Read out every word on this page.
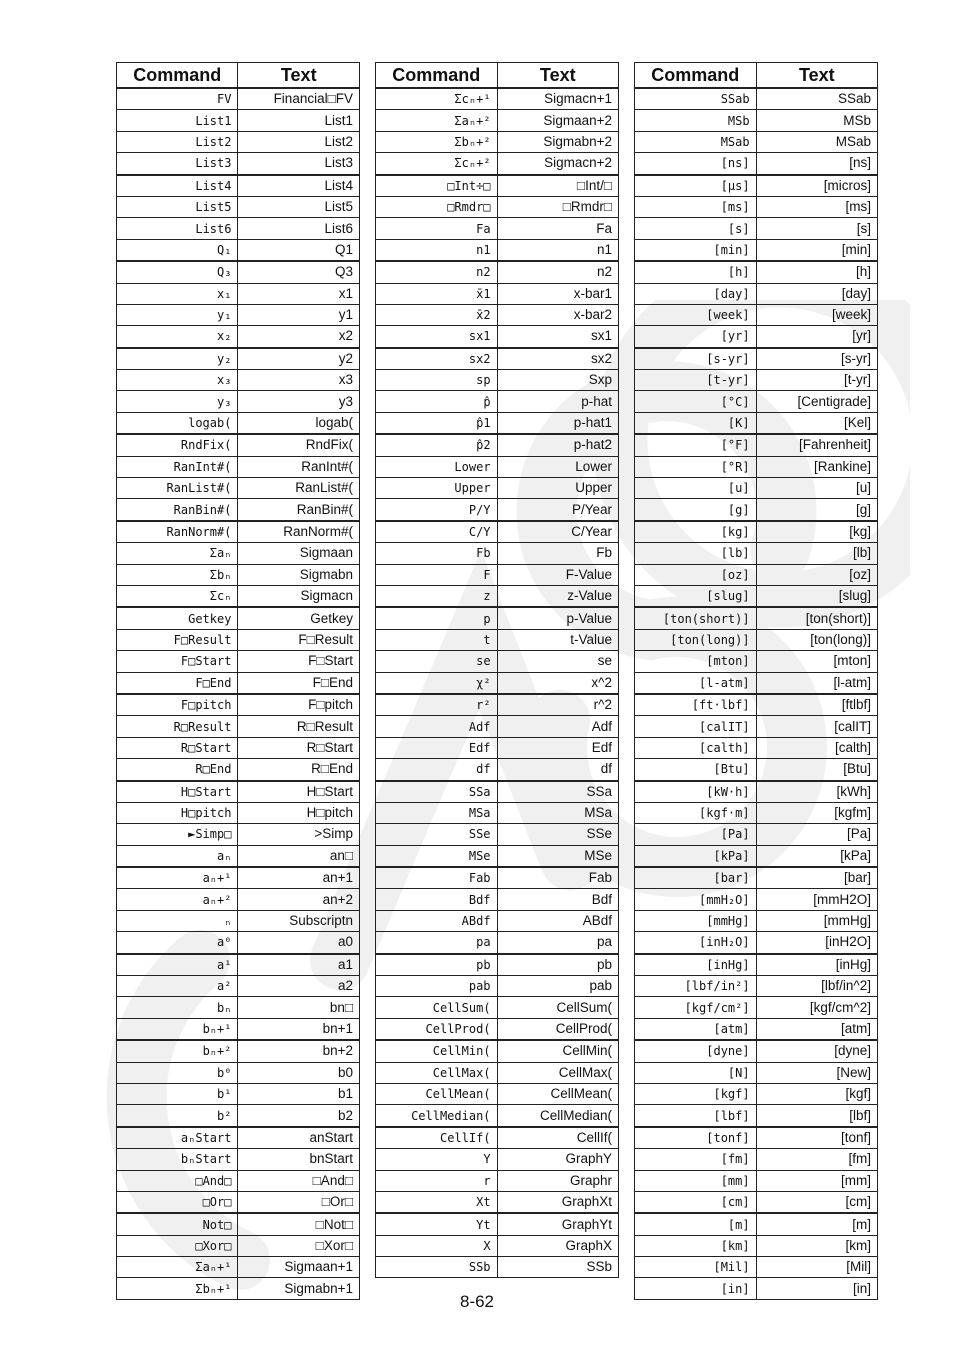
Command	Text
FV	Financial□FV
List1	List1
List2	List2
List3	List3
List4	List4
List5	List5
List6	List6
Q₁	Q1
Q₃	Q3
x₁	x1
y₁	y1
x₂	x2
y₂	y2
x₃	x3
y₃	y3
logab(	logab(
RndFix(	RndFix(
RanInt#(	RanInt#(
RanList#(	RanList#(
RanBin#(	RanBin#(
RanNorm#(	RanNorm#(
Σaₙ	Sigmaan
Σbₙ	Sigmabn
Σcₙ	Sigmacn
Getkey	Getkey
F□Result	F□Result
F□Start	F□Start
F□End	F□End
F□pitch	F□pitch
R□Result	R□Result
R□Start	R□Start
R□End	R□End
H□Start	H□Start
H□pitch	H□pitch
►Simp□	>Simp
aₙ	an□
aₙ+¹	an+1
aₙ+²	an+2
ₙ	Subscriptn
a⁰	a0
a¹	a1
a²	a2
bₙ	bn□
bₙ+¹	bn+1
bₙ+²	bn+2
b⁰	b0
b¹	b1
b²	b2
aₙStart	anStart
bₙStart	bnStart
□And□	□And□
□Or□	□Or□
Not□	□Not□
□Xor□	□Xor□
Σaₙ+¹	Sigmaan+1
Σbₙ+¹	Sigmabn+1
Command	Text
Σcₙ+¹	Sigmacn+1
Σaₙ+²	Sigmaan+2
Σbₙ+²	Sigmabn+2
Σcₙ+²	Sigmacn+2
□Int÷□	□Int/□
□Rmdr□	□Rmdr□
Fa	Fa
n1	n1
n2	n2
x̄1	x-bar1
x̄2	x-bar2
sx1	sx1
sx2	sx2
sp	Sxp
p̂	p-hat
p̂1	p-hat1
p̂2	p-hat2
Lower	Lower
Upper	Upper
P/Y	P/Year
C/Y	C/Year
Fb	Fb
F	F-Value
z	z-Value
p	p-Value
t	t-Value
se	se
χ²	x^2
r²	r^2
Adf	Adf
Edf	Edf
df	df
SSa	SSa
MSa	MSa
SSe	SSe
MSe	MSe
Fab	Fab
Bdf	Bdf
ABdf	ABdf
pa	pa
pb	pb
pab	pab
CellSum(	CellSum(
CellProd(	CellProd(
CellMin(	CellMin(
CellMax(	CellMax(
CellMean(	CellMean(
CellMedian(	CellMedian(
CellIf(	CellIf(
Y	GraphY
r	Graphr
Xt	GraphXt
Yt	GraphYt
X	GraphX
SSb	SSb
Command	Text
SSab	SSab
MSb	MSb
MSab	MSab
[ns]	[ns]
[μs]	[micros]
[ms]	[ms]
[s]	[s]
[min]	[min]
[h]	[h]
[day]	[day]
[week]	[week]
[yr]	[yr]
[s-yr]	[s-yr]
[t-yr]	[t-yr]
[°C]	[Centigrade]
[K]	[Kel]
[°F]	[Fahrenheit]
[°R]	[Rankine]
[u]	[u]
[g]	[g]
[kg]	[kg]
[lb]	[lb]
[oz]	[oz]
[slug]	[slug]
[ton(short)]	[ton(short)]
[ton(long)]	[ton(long)]
[mton]	[mton]
[l-atm]	[l-atm]
[ft·lbf]	[ftlbf]
[calIT]	[calIT]
[calth]	[calth]
[Btu]	[Btu]
[kW·h]	[kWh]
[kgf·m]	[kgfm]
[Pa]	[Pa]
[kPa]	[kPa]
[bar]	[bar]
[mmH₂O]	[mmH2O]
[mmHg]	[mmHg]
[inH₂O]	[inH2O]
[inHg]	[inHg]
[lbf/in²]	[lbf/in^2]
[kgf/cm²]	[kgf/cm^2]
[atm]	[atm]
[dyne]	[dyne]
[N]	[New]
[kgf]	[kgf]
[lbf]	[lbf]
[tonf]	[tonf]
[fm]	[fm]
[mm]	[mm]
[cm]	[cm]
[m]	[m]
[km]	[km]
[Mil]	[Mil]
[in]	[in]
8-62
